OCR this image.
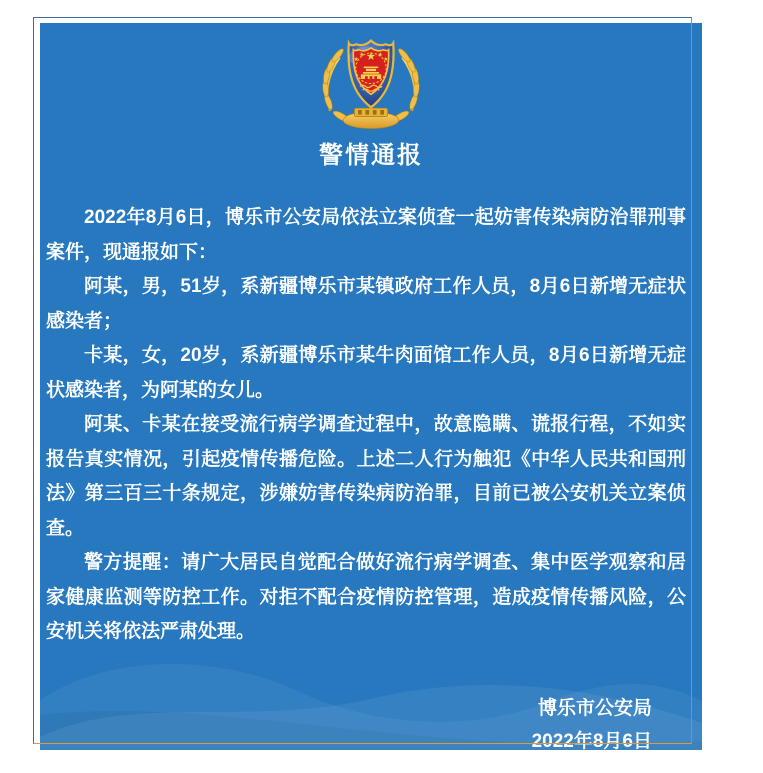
警情通报

2022年8月6日，博乐市公安局依法立案侦查一起妨害传染病防治罪刑事案件，现通报如下：

阿某，男，51岁，系新疆博乐市某镇政府工作人员，8月6日新增无症状感染者；

卡某，女，20岁，系新疆博乐市某牛肉面馆工作人员，8月6日新增无症状感染者，为阿某的女儿。

阿某、卡某在接受流行病学调查过程中，故意隐瞒、谎报行程，不如实报告真实情况，引起疫情传播危险。上述二人行为触犯《中华人民共和国刑法》第三百三十条规定，涉嫌妨害传染病防治罪，目前已被公安机关立案侦查。

警方提醒：请广大居民自觉配合做好流行病学调查、集中医学观察和居家健康监测等防控工作。对拒不配合疫情防控管理，造成疫情传播风险，公安机关将依法严肃处理。

博乐市公安局
2022年8月6日
